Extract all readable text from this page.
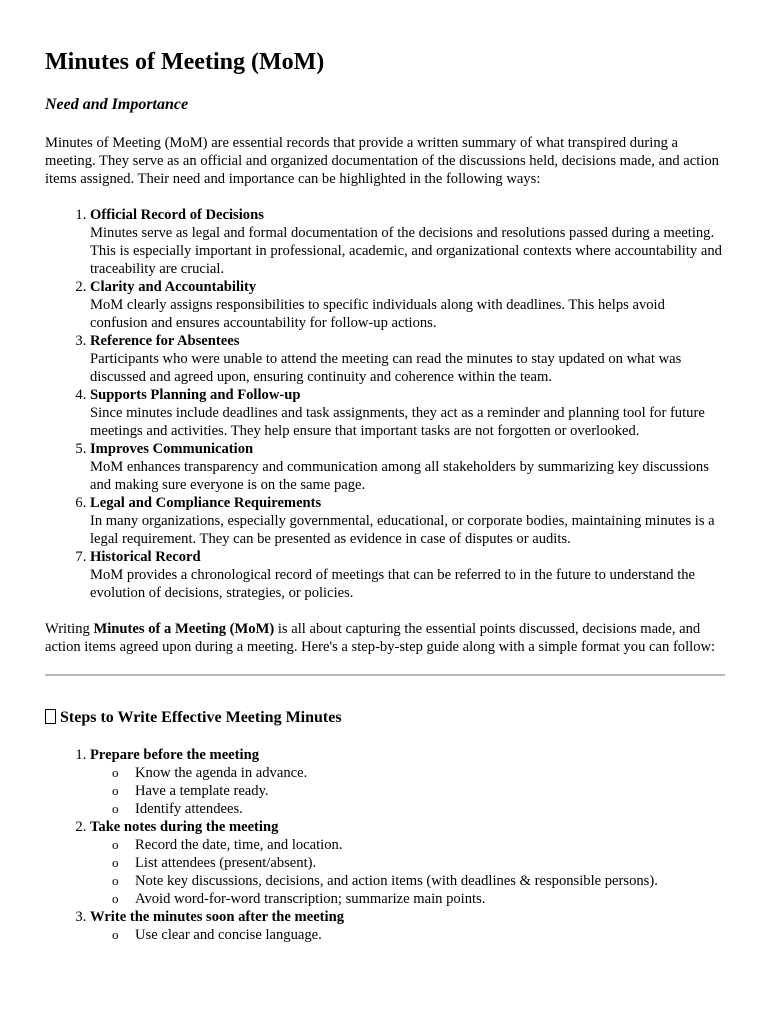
Minutes of Meeting (MoM)
Need and Importance

Minutes of Meeting (MoM) are essential records that provide a written summary of what transpired during a meeting. They serve as an official and organized documentation of the discussions held, decisions made, and action items assigned. Their need and importance can be highlighted in the following ways:

1. Official Record of Decisions
Minutes serve as legal and formal documentation of the decisions and resolutions passed during a meeting. This is especially important in professional, academic, and organizational contexts where accountability and traceability are crucial.
2. Clarity and Accountability
MoM clearly assigns responsibilities to specific individuals along with deadlines. This helps avoid confusion and ensures accountability for follow-up actions.
3. Reference for Absentees
Participants who were unable to attend the meeting can read the minutes to stay updated on what was discussed and agreed upon, ensuring continuity and coherence within the team.
4. Supports Planning and Follow-up
Since minutes include deadlines and task assignments, they act as a reminder and planning tool for future meetings and activities. They help ensure that important tasks are not forgotten or overlooked.
5. Improves Communication
MoM enhances transparency and communication among all stakeholders by summarizing key discussions and making sure everyone is on the same page.
6. Legal and Compliance Requirements
In many organizations, especially governmental, educational, or corporate bodies, maintaining minutes is a legal requirement. They can be presented as evidence in case of disputes or audits.
7. Historical Record
MoM provides a chronological record of meetings that can be referred to in the future to understand the evolution of decisions, strategies, or policies.

Writing Minutes of a Meeting (MoM) is all about capturing the essential points discussed, decisions made, and action items agreed upon during a meeting. Here's a step-by-step guide along with a simple format you can follow:

Steps to Write Effective Meeting Minutes
1. Prepare before the meeting
o Know the agenda in advance.
o Have a template ready.
o Identify attendees.
2. Take notes during the meeting
o Record the date, time, and location.
o List attendees (present/absent).
o Note key discussions, decisions, and action items (with deadlines & responsible persons).
o Avoid word-for-word transcription; summarize main points.
3. Write the minutes soon after the meeting
o Use clear and concise language.
